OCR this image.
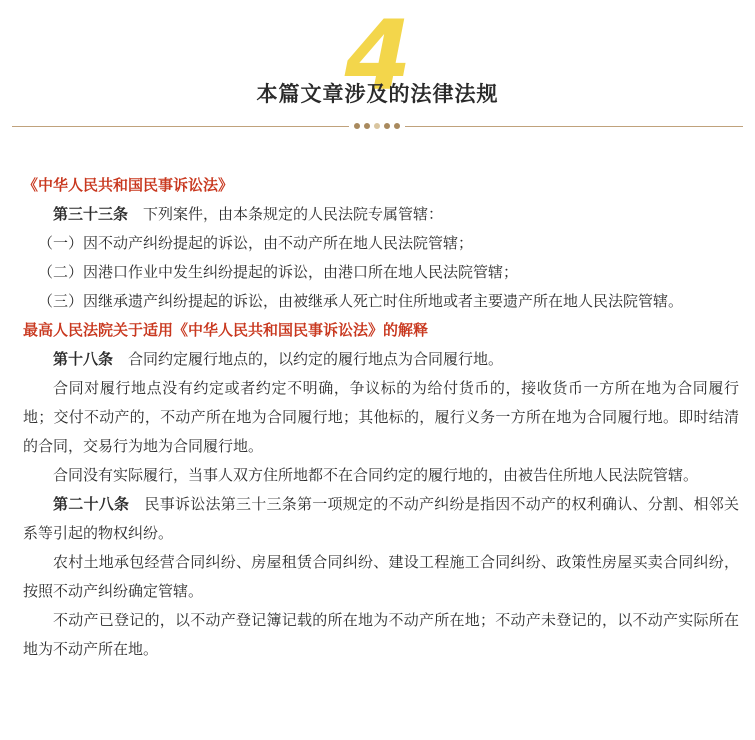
4
本篇文章涉及的法律法规

《中华人民共和国民事诉讼法》

第三十三条　 下列案件，由本条规定的人民法院专属管辖：

（一）因不动产纠纷提起的诉讼，由不动产所在地人民法院管辖；

（二）因港口作业中发生纠纷提起的诉讼，由港口所在地人民法院管辖；

（三）因继承遗产纠纷提起的诉讼，由被继承人死亡时住所地或者主要遗产所在地人民法院管辖。

最高人民法院关于适用《中华人民共和国民事诉讼法》的解释

第十八条　 合同约定履行地点的，以约定的履行地点为合同履行地。

合同对履行地点没有约定或者约定不明确，争议标的为给付货币的，接收货币一方所在地为合同履行地；交付不动产的，不动产所在地为合同履行地；其他标的，履行义务一方所在地为合同履行地。即时结清的合同，交易行为地为合同履行地。

合同没有实际履行，当事人双方住所地都不在合同约定的履行地的，由被告住所地人民法院管辖。

第二十八条　 民事诉讼法第三十三条第一项规定的不动产纠纷是指因不动产的权利确认、分割、相邻关系等引起的物权纠纷。

农村土地承包经营合同纠纷、房屋租赁合同纠纷、建设工程施工合同纠纷、政策性房屋买卖合同纠纷，按照不动产纠纷确定管辖。

不动产已登记的，以不动产登记簿记载的所在地为不动产所在地；不动产未登记的，以不动产实际所在地为不动产所在地。
